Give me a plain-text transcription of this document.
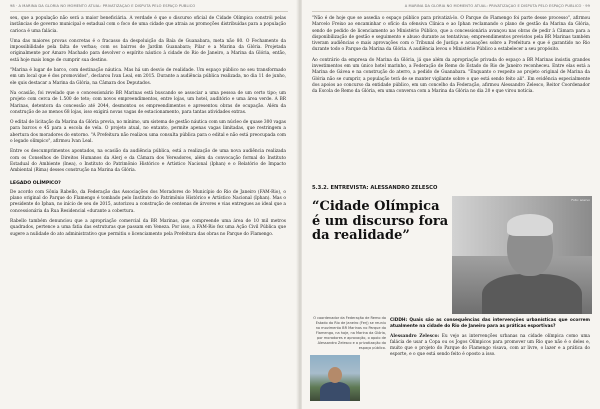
98 · A MARINA DA GLÓRIA NO MOMENTO ATUAL: PRIVATIZAÇÃO E DISPUTA PELO ESPAÇO PÚBLICO

seu, que a população não será a maior beneficiária. A verdade é que o discurso oficial de Cidade Olímpica constrói pelas instâncias de governo municipal e estadual com o foco de uma cidade que atraia as promoções distribuídas para a população carioca é uma falácia.

Uma das maiores provas concretas é o fracasso da despoluição da Baía de Guanabara, meta não 80. O Fechamento da impossibilidade pela falta de verbas; com os bairros de Jardim Guanabara; Pilar e a Marina da Glória. Projetada originalmente por Amaro Machado para devolver o espírito náutico à cidade do Rio de Janeiro, a Marina da Glória, então, está hoje mais longe de cumprir sua destino.

"Marina é lugar de barco, com destinação náutica. Mas há um desvio de realidade. Um espaço público no seu transformado em um local que é dos promovidos", declarou Ivan Leal, em 2015. Durante a audiência pública realizada, no dia 11 de junho, ele quis destacar a Marina da Glória, na Câmara dos Deputados.

Na ocasião, foi revelado que o concessionário BR Marinas está buscando se associar a uma pessoa de um certo tipo; um projeto com cerca de 1.500 de teto; com novos empreendimentos, entre lojas, um hotel, auditório e uma área verde. A BR Marinas, detentora da concessão até 2044, desmontou os empreendimentos e apresentou obras de ocupação. Além da construção de ao menos 68 lojas, isso exigirá novas vagas de estacionamento, para tantas atividades extras.

O edital de licitação da Marina da Glória previa, no mínimo, um sistema de gestão náutica com um núcleo de quase 300 vagas para barcos e 45 para a escola de vela. O projeto atual, no entanto, permite apenas vagas limitadas, que restringem a abertura dos moradores do entorno. "A Prefeitura não realizou uma consulta pública para o edital e não está preocupada com o legado olímpico", afirmou Ivan Leal.

Entre os descumprimentos apontados, na ocasião da audiência pública, está a realização de uma nova audiência realizada com os Conselhos de Direitos Humanos da Alerj e da Câmara dos Vereadores, além da convocação formal do Instituto Estadual do Ambiente (Inea), o Instituto do Patrimônio Histórico e Artístico Nacional (Iphan) e o Relatório de Impacto Ambiental (Rima) desses construção na Marina da Glória.

LEGADO OLÍMPICO?

De acordo com Sônia Rabello, da Federação das Associações dos Moradores do Município do Rio de Janeiro (FAM-Rio), o plano original do Parque do Flamengo é tombado pelo Instituto do Patrimônio Histórico e Artístico Nacional (Iphan). Mas o presidente do Iphan, no início de seu de 2015, autorizou a construção de centenas de árvores e vias entregues ao ideal que a concessionária da Rua Residencial «durante a cobertura.

Rabello também denunciou que a apropriação comercial da BR Marinas, que compreende uma área de 10 mil metros quadrados, pertence a uma fatia das estruturas que passam em Veneza. Por isso, a FAM-Rio fez uma Ação Civil Pública que sugere a nulidade do ato administrativo que permitiu o licenciamento pela Prefeitura das obras no Parque do Flamengo.

A MARINA DA GLÓRIA NO MOMENTO ATUAL: PRIVATIZAÇÃO E DISPUTA PELO ESPAÇO PÚBLICO · 99

"Não é de hoje que se assedia o espaço público para privatizá-lo. O Parque do Flamengo foi parte desse processo", afirmou Marcelo Freixo ao encaminhar o ofício da ofensiva Clínica e ao Iphan reclamando o plano de gestão da Marina da Glória, sendo de pedido de licenciamento ao Ministério Público, que a concessionária avançou nas obras de pedir à Câmara para a disponibilização de gestão e seguimento e abuso durante as tentativas; empreendimentos previstos pela BR Marinas também tiveram audiências e mais aprovações com o Tribunal de Justiça e acusações sobre a Prefeitura e que é garantido no Rio durante todo o Parque da Marina da Glória. A audiência levou o Ministério Público a estabelecer a seu propósito.

Ao contrário da empresa do Marina da Glória, já que além da apropriação privada do espaço a BR Marinas insistiu grandes investimentos em um único hotel marinho, a Federação de Remo do Estado do Rio de Janeiro reconheceu. Entre elas está a Marina de Gávea e na construção do aterro, a pedido de Guanabara. "Enquanto o respeito ao projeto original de Marina da Glória não se cumprir, a população terá de se manter vigilante sobre o que está sendo feito ali". Em evidência especialmente dos apoios ao concurso da entidade público, em um concelho da Federação, afirmou Alessandro Zelesco, Reitor Coordenador da Escola de Remo da Glória, em uma conversa com a Marina da Glória no dia 20 e que virou notícia.

5.3.2. ENTREVISTA: ALESSANDRO ZELESCO
“Cidade Olímpica é um discurso fora da realidade”
Foto: acervo
O coordenador da Federação de Remo do Estado do Rio de Janeiro (Ferj) se reuniu no movimento BR Marinas no Parque do Flamengo, na hoje, na Marina da Glória, por moradores e aprovação, o apoio de Alessandro Zelesco e a privatização do espaço público.

CIDDH: Quais são as consequências das intervenções urbanísticas que ocorrem atualmente na cidade do Rio de Janeiro para as práticas esportivas?

Alessandro Zelesco: Eu vejo as intervenções urbanas na cidade olímpica como uma falácia de usar a Copa ou os Jogos Olímpicos para promover um Rio que não é o deles e, muito que o projeto do Parque do Flamengo visava, com ar livre, o lazer e a prática do esporte, e o que está sendo feito é oposto a isso.
